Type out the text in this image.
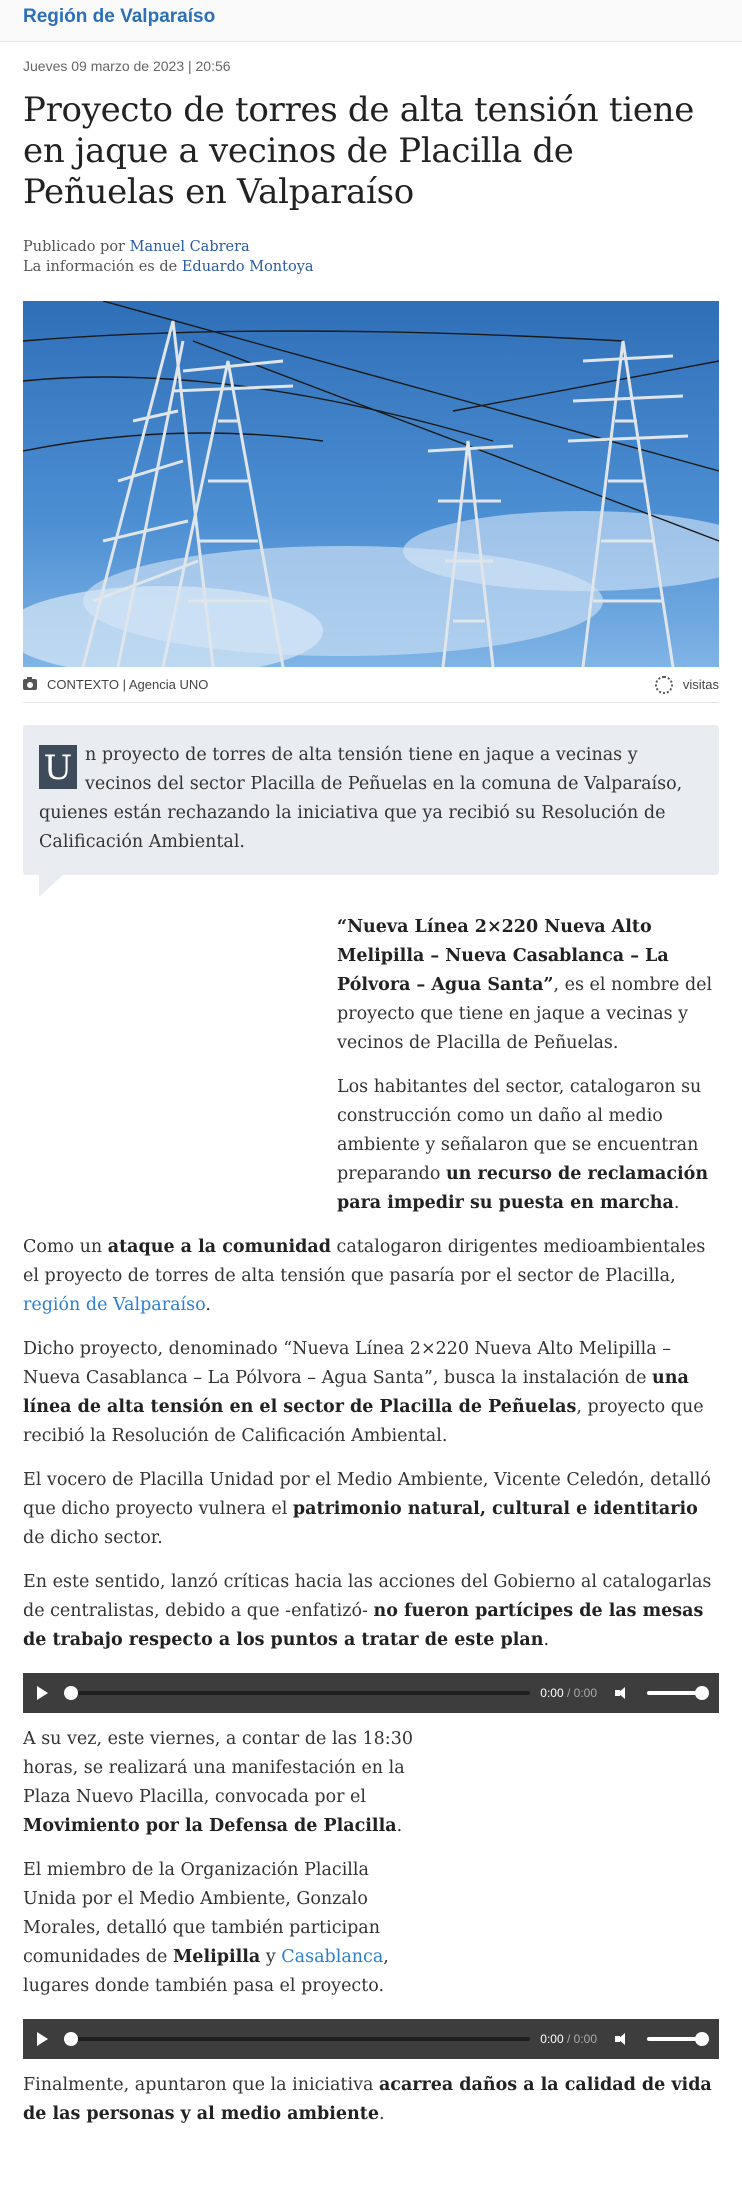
Región de Valparaíso
Jueves 09 marzo de 2023 | 20:56
Proyecto de torres de alta tensión tiene en jaque a vecinos de Placilla de Peñuelas en Valparaíso
Publicado por Manuel Cabrera
La información es de Eduardo Montoya
CONTEXTO | Agencia UNO	visitas
U n proyecto de torres de alta tensión tiene en jaque a vecinas y vecinos del sector Placilla de Peñuelas en la comuna de Valparaíso, quienes están rechazando la iniciativa que ya recibió su Resolución de Calificación Ambiental.

“Nueva Línea 2×220 Nueva Alto Melipilla – Nueva Casablanca – La Pólvora – Agua Santa”, es el nombre del proyecto que tiene en jaque a vecinas y vecinos de Placilla de Peñuelas.

Los habitantes del sector, catalogaron su construcción como un daño al medio ambiente y señalaron que se encuentran preparando un recurso de reclamación para impedir su puesta en marcha.

Como un ataque a la comunidad catalogaron dirigentes medioambientales el proyecto de torres de alta tensión que pasaría por el sector de Placilla, región de Valparaíso.

Dicho proyecto, denominado “Nueva Línea 2×220 Nueva Alto Melipilla – Nueva Casablanca – La Pólvora – Agua Santa”, busca la instalación de una línea de alta tensión en el sector de Placilla de Peñuelas, proyecto que recibió la Resolución de Calificación Ambiental.

El vocero de Placilla Unidad por el Medio Ambiente, Vicente Celedón, detalló que dicho proyecto vulnera el patrimonio natural, cultural e identitario de dicho sector.

En este sentido, lanzó críticas hacia las acciones del Gobierno al catalogarlas de centralistas, debido a que -enfatizó- no fueron partícipes de las mesas de trabajo respecto a los puntos a tratar de este plan.

0:00 / 0:00

A su vez, este viernes, a contar de las 18:30 horas, se realizará una manifestación en la Plaza Nuevo Placilla, convocada por el Movimiento por la Defensa de Placilla.

El miembro de la Organización Placilla Unida por el Medio Ambiente, Gonzalo Morales, detalló que también participan comunidades de Melipilla y Casablanca, lugares donde también pasa el proyecto.

0:00 / 0:00

Finalmente, apuntaron que la iniciativa acarrea daños a la calidad de vida de las personas y al medio ambiente.
